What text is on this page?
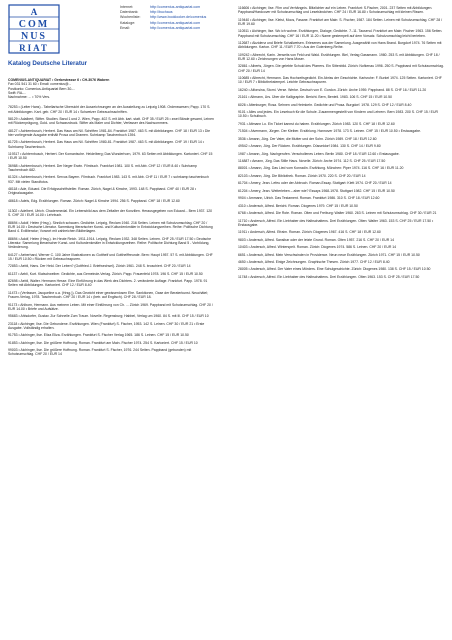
A
COM
NUS
RIAT
Internet:	http://comenius-antiquariat.com
Datenbank:	http://buchaus
Wochenliste:	http://www.booklooker.de/comenius
Kataloge:	http://comenius-antiquariat.com
Email:	http://comenius-antiquariat.com
Katalog Deutsche Literatur
COMENIUS-ANTIQUARIAT • Gerbestrasse 6 • CH-3076 Wabern
Fax 031 541 31 60 • Email: comenius@...
Postkonto: Comenius-Antiquariat Bern 30-...
Swift: RA-...
Nachnahme: ... • 70% Vers.

78253 • (Leiter Hans) - Tabellarische Übersicht der Auszeichnungen an der Ausstellung zu Leipzig 1908. Ordenswesen; Papp. 170 S. mit Abbildungen. Kart. geb. CHF 20 / EUR 14 • Schweizer Gebrauchsschriften.

58129 • Adalbert, Stifter. Studien. Band 1 und 2. Wien, Papp. 402 S. mit Abb. kart. statt. CHF 35 / EUR 25 • zwei Bände gesamt, Leinen mit Rückenprägung, Gold- und Schwarzdruck. Stifter als Maler und Dichter, Verfasser des Nachsommers.

48127 • Achternbusch, Herbert. Das Haus am Nil. Schriften 1981-84. Frankfurt 1987. 463 S. mit Abbildungen. CHF 18 / EUR 13 • Die hier vorliegende Ausgabe enthält Prosa und Dramen. Suhrkamp Taschenbuch 1394.

61725 • Achternbusch, Herbert. Das Haus am Nil. Schriften 1980-81. Frankfurt 1987. 463 S. mit Abbildungen. CHF 19 / EUR 14 • Suhrkamp Taschenbuch.

119317 • Achternbusch, Herbert. Der Komantsche. Heidelberg; Das Wunderhorn, 1979. 63 Seiten mit Abbildungen. Kartoniert. CHF 15 / EUR 10.50

36988 • Achternbusch, Herbert. Der Neger Erwin. Filmbuch. Frankfurt 1981. 100 S. mit Abb. CHF 12 / EUR 8.40 • Suhrkamp Taschenbuch 682.

61324 • Achternbusch, Herbert. Servus Bayern. Filmbuch. Frankfurt 1983. 143 S. mit Abb. CHF 11 / EUR 7 • suhrkamp taschenbuch 937. Mit vielen Standfotos.

48118 • Ade, Eduard. Die Erfolgsschriftsteller. Roman. Zürich, Nagel & Kimche, 1993. 148 S. Pappband. CHF 40 / EUR 28 • Originalausgabe.

48618 • Adels, Edg. Erzählungen. Roman. Zürich: Nagel & Kimche 1994. 256 S. Pappband. CHF 18 / EUR 12.60

11302 • Adelbert, Ulrich. Chadenmedal. Ein Lebensbild aus dem Zeitalter der Konzilien. Herausgegeben von Eduard... Bern 1937. 120 S. CHF 20 / EUR 14.00 • Lehrbuch.

88694 • Adolf, Helen (Hrsg.). Sinnlich schauen. Gedichte. Leipzig, Reclam 1940. 216 Seiten. Leinen mit Schutzumschlag. CHF 20 / EUR 14.00 • Deutsche Literatur. Sammlung literarischer Kunst- und Kulturdenkmäler in Entwicklungsreihen. Reihe: Politische Dichtung Band 4. Exilliteratur; Vorwort mit zahlreichen Bildbeilagen.

88694 • Adolf, Helen (Hrsg.). Im Heute Reich. 1911-1914. Leipzig, Reclam 1932. 348 Seiten. Leinen. CHF 25 / EUR 17.50 • Deutsche Literatur. Sammlung literarischer Kunst- und Kulturdenkmäler in Entwicklungsreihen. Reihe: Politische Dichtung Band 5 - Vorbildung, Veränderung.

64127 • Aeberhard, Werner C. 100 Jahre Illustrationen zu Gotthelf und Gotthelffreunde. Bern: Haupt 1957. 57 S. mit Abbildungen. CHF 15 / EUR 10.50 • Rücken mit Gebrauchsspuren.

72853 • Aebli, Hans. Der Held. Der Leben? (Gottfried J. Briefwechsel). Zürich 1961. 248 S. broschiert. CHF 20 / EUR 14

61137 • Aebli, Kurt. Klatschweiber. Gedichte, aus Gemeinde-Verlag. Zürich. Papp. Frauenfeld 1978. 196 S. CHF 15 / EUR 10.50

82698 • Aebli, Walter. Hermann Hesse. Eine Einführung in das Werk des Dichters. 2. veränderte Auflage. Frankfurt. Papp. 1978. 91 Seiten mit Abbildungen. Kartoniert. CHF 12 / EUR 8.40

11473 • (Verfasser, Jacqueline u.a. (Hrsg.)). Das Gewicht einer gewissenlosen Ehe. Sanktionen, Oase der Beraterkunst. Neuchâtel; Frauen-Verlag, 1978. Taschenbuch. CHF 20 / EUR 14 • (betr. auf Englisch). CHF 28 / EUR 18.

91173 • Ahlborn, Hermann. Aus meinem Leben. Mit einer Einführung von Ch. ... Zürich 1969. Pappband mit Schutzumschlag. CHF 20 / EUR 14.00 • Briefe und Aufsätze.

95683 • Ahlsdorfer, Gustav. Zur Schnelle Zum Traum. Novelle. Regensburg; Habbel, Verlag um 1960. 84 S. mit Ill. CHF 15 / EUR 10

23118 • Aichinger, Ilse. Die Gebundene. Erzählungen. Wien (Frankfurt) S. Fischer, 1953. 142 S. Leinen. CHF 30 / EUR 21 • Erste Ausgabe. Vollständig erhalten.

91753 • Aichinger, Ilse. Eliza Eliza. Erzählungen. Frankfurt S. Fischer Verlag 1965. 186 S. Leinen. CHF 15 / EUR 10.50

91853 • Aichinger, Ilse. Die größere Hoffnung. Roman. Frankfurt am Main. Fischer 1974. 254 S. Kartoniert. CHF 15 / EUR 10

99003 • Aichinger, Ilse. Die größere Hoffnung. Roman. Frankfurt S. Fischer, 1976. 244 Seiten. Pappband (gebunden) mit Schutzumschlag. CHF 20 / EUR 14

116606 • Aichinger, Ilse. Film und Verhängnis. Blitzlichter auf ein Leben. Frankfurt: S.Fischer, 2001. 237 Seiten mit Abbildungen. Pappband/Hardcover mit Schutzumschlag und Lesebändchen. CHF 24 / EUR 16.80 • Schutzumschlag mit kleinen Rissen.

119440 • Aichinger, Ilse. Kleist, Moos, Fasane. Frankfurt am Main: S. Fischer, 1987. 184 Seiten. Leinen mit Schutzumschlag. CHF 28 / EUR 19.60

110511 • Aichinger, Ilse. Wo ich wohne. Erzählungen, Dialoge, Gedichte. 7.-11. Tausend. Frankfurt am Main: Fischer 1963. 156 Seiten. Pappband mit Schutzumschlag. CHF 16 / EUR 11.20 • Name gestempelt auf dem Vorsatz. Schutzumschlag leicht berieben.

112687 • Akzidenz und Briefe Schallweisen. Erlesenes aus der Sammlung. Ausgewählt von Hans Brand. Burgdorf 1974. 76 Seiten mit Abbildungen. Karton. CHF 11 / EUR 7.70 • Aus der Gutenberg-Reihe.

109242 • Albrecht, Karin. Jenseits von Feld und Wald. Erzählungen. Biel, Verlag Gassmann. 1980. 253 S. mit Abbildungen. CHF 18 / EUR 12.60 • Zeichnungen von Hans Moser.

32861 • Alberts, Jürgen. Die gelebte Schuld des Pfarrers. Ein Sittenbild. Zürich: Nofkenau 1996. 250 S. Pappband mit Schutzumschlag. CHF 20 / EUR 14

110685 • Albrecht, Hermann. Das Hochzeitsgedicht. Ein Abriss der Geschichte. Karlsruhe: F. Burkel 1974. 125 Seiten. Kartoniert. CHF 10 / EUR 7 • Bibliothekstempel. Leichte Gebrauchsspuren.

16240 • Alfonsina, Storni. Verse. Werke. Deutsch von E. Gordon. Zürich: Arche 1959. Pappband. 88 S. CHF 16 / EUR 11.20

21161 • Altmann, Urs. Über die Kalligraphie. Bericht. Bern, Benteli. 1983. 106 S. CHF 15 / EUR 10.50

6026 • Altenburger, Rosa. Sehnen und Heimkehr. Gedichte und Prosa. Burgdorf. 1978. 129 S. CHF 12 / EUR 8.40

9101 • Alles und jedes. Ein Lesebuch für die Schule. Zusammengestellt von Kindern und Lehrern. Bern 1983. 200 S. CHF 15 / EUR 10.50 • Schulbuch.

7931 • Altmann Lo. Ein Ticket kannst du haben. Erzählungen. Zürich 1983. 120 S. CHF 18 / EUR 12.60

71504 • Alvermann, Jürgen. Der Kleiber. Erzählung. Hannover 1978. 173 S. Leinen. CHF 15 / EUR 10.50 • Erstausgabe.

3536 • Amann, Jürg. Der Vater, die Mutter und der Sohn. Zürich 1989. CHF 18 / EUR 12.60

49542 • Amann, Jürg. Der Rücken. Erzählungen. Düsseldorf 1984. 130 S. CHF 14 / EUR 9.80

1987 • Amann, Jürg. Nachgerufen. Verschollenes Leben. Berlin 1980. CHF 18 / EUR 12.60 • Erstausgabe.

114887 • Amann, Jürg. Das Stille Haus. Novelle. Zürich: Arche 1974. 112 S. CHF 25 / EUR 17.50

88001 • Amann, Jürg. Das Lied vom Konradin. Erzählung. München: Piper 1974. 116 S. CHF 16 / EUR 11.20

82103 • Amann, Jürg. Die Bibliothek. Roman. Zürich 1970. 220 S. CHF 20 / EUR 14

61704 • Amery, Jean. Lefeu oder der Abbruch. Roman-Essay. Stuttgart: Klett 1974. CHF 20 / EUR 14

61204 • Amery, Jean. Weiterleben – aber wie? Essays 1968-1978. Stuttgart 1982. CHF 15 / EUR 10.50

9904 • Ammann, Ulrich. Das Testament. Roman. Frankfurt 1986. 310 S. CHF 18 / EUR 12.60

4310 • Andersch, Alfred. Bericht. Roman. Diogenes 1979. CHF 15 / EUR 10.50

6768 • Andersch, Alfred. Die Rote. Roman. Olten und Freiburg: Walter 1960. 263 S. Leinen mit Schutzumschlag. CHF 30 / EUR 21

11710 • Andersch, Alfred. Ein Liebhaber des Halbschattens. Drei Erzählungen. Olten: Walter 1963. 153 S. CHF 25 / EUR 17.50 • Erstausgabe.

11911 • Andersch, Alfred. Efraim. Roman. Zürich: Diogenes 1967. 416 S. CHF 18 / EUR 12.60

9803 • Andersch, Alfred. Sansibar oder der letzte Grund. Roman. Olten 1957. 216 S. CHF 20 / EUR 14

10403 • Andersch, Alfred. Winterspelt. Roman. Zürich: Diogenes 1974. 586 S. Leinen. CHF 20 / EUR 14

6651 • Andersch, Alfred. Mein Verschwinden in Providence. Neun neue Erzählungen. Zürich 1971. CHF 15 / EUR 10.50

4650 • Andersch, Alfred. Einige Zeichnungen. Graphische Thesen. Zürich 1977. CHF 12 / EUR 8.40

28005 • Andersch, Alfred. Der Vater eines Mörders. Eine Schulgeschichte. Zürich: Diogenes 1980. 138 S. CHF 15 / EUR 10.50

11748 • Andersch, Alfred. Ein Liebhaber des Halbschattens. Drei Erzählungen. Olten 1963. 153 S. CHF 25 / EUR 17.50
